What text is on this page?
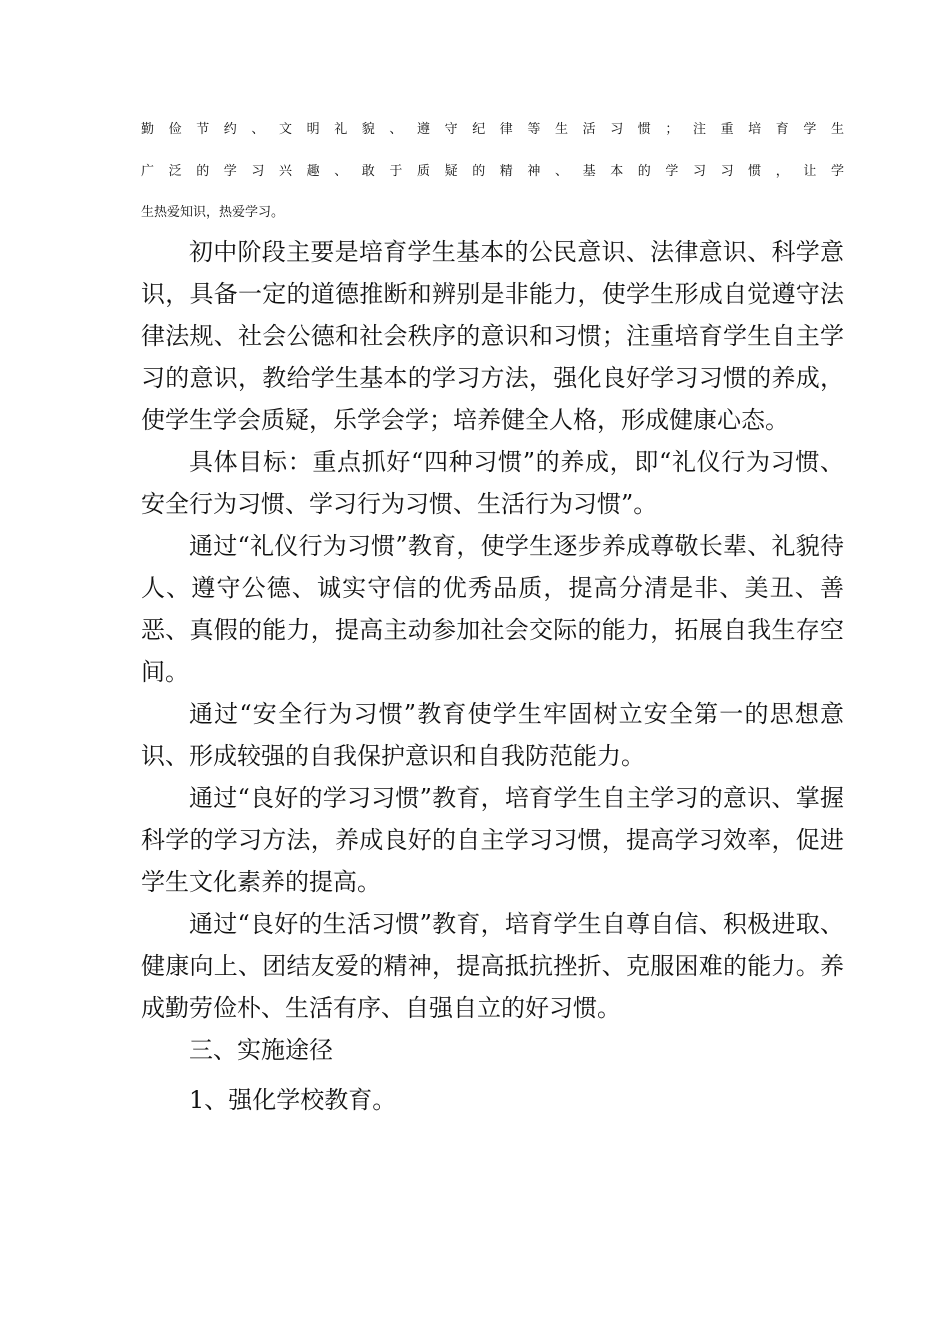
勤俭节约、文明礼貌、遵守纪律等生活习惯；注重培育学生
广泛的学习兴趣、敢于质疑的精神、基本的学习习惯，让学
生热爱知识，热爱学习。

初中阶段主要是培育学生基本的公民意识、法律意识、科学意识，具备一定的道德推断和辨别是非能力，使学生形成自觉遵守法律法规、社会公德和社会秩序的意识和习惯；注重培育学生自主学习的意识，教给学生基本的学习方法，强化良好学习习惯的养成，使学生学会质疑，乐学会学；培养健全人格，形成健康心态。

具体目标：重点抓好“四种习惯”的养成，即“礼仪行为习惯、安全行为习惯、学习行为习惯、生活行为习惯”。

通过“礼仪行为习惯”教育，使学生逐步养成尊敬长辈、礼貌待人、遵守公德、诚实守信的优秀品质，提高分清是非、美丑、善恶、真假的能力，提高主动参加社会交际的能力，拓展自我生存空间。

通过“安全行为习惯”教育使学生牢固树立安全第一的思想意识、形成较强的自我保护意识和自我防范能力。

通过“良好的学习习惯”教育，培育学生自主学习的意识、掌握科学的学习方法，养成良好的自主学习习惯，提高学习效率，促进学生文化素养的提高。

通过“良好的生活习惯”教育，培育学生自尊自信、积极进取、健康向上、团结友爱的精神，提高抵抗挫折、克服困难的能力。养成勤劳俭朴、生活有序、自强自立的好习惯。

三、实施途径

1、强化学校教育。
